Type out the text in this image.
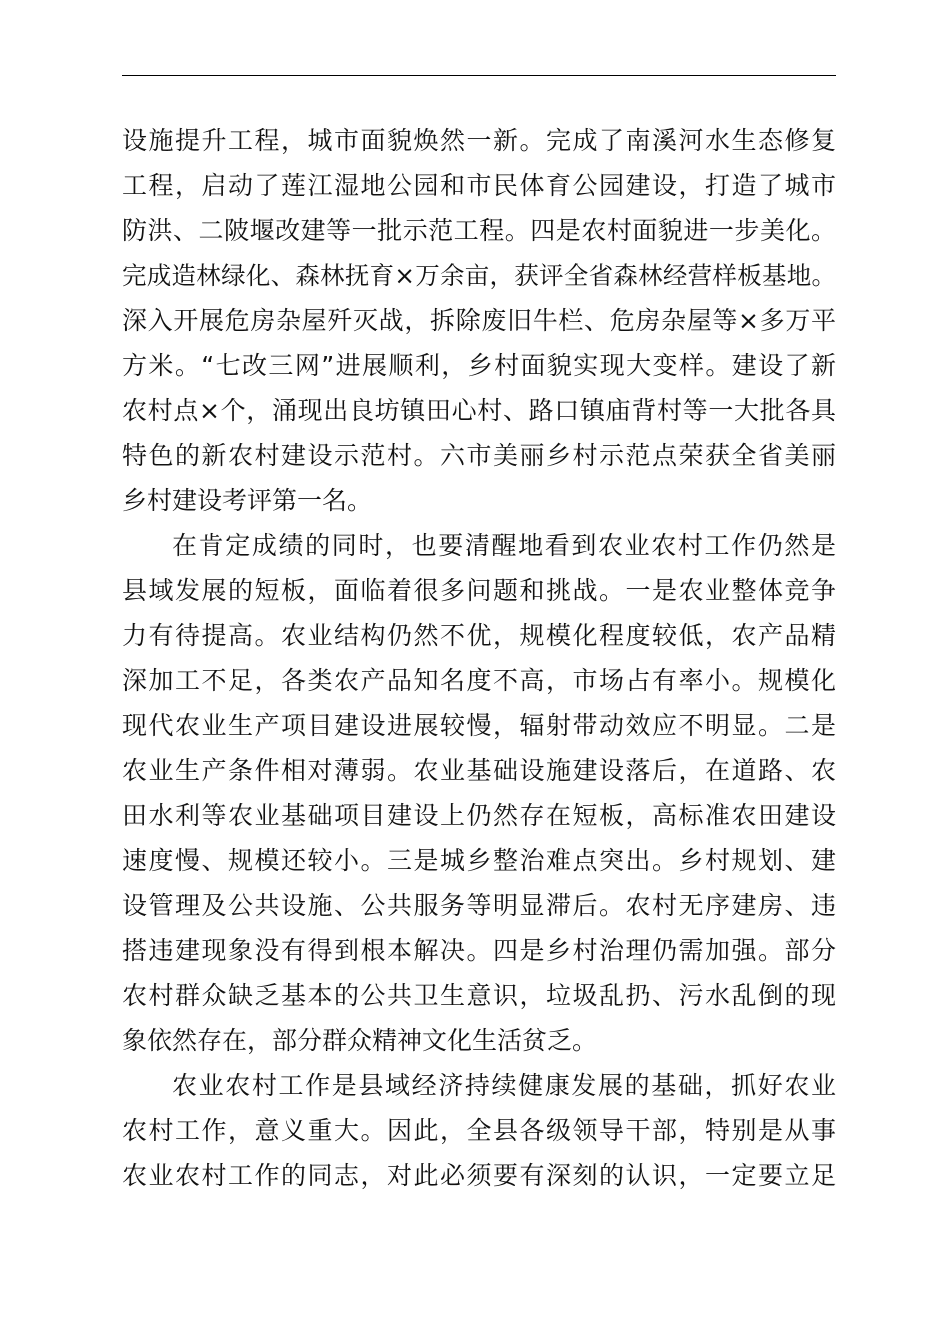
设施提升工程，城市面貌焕然一新。完成了南溪河水生态修复
工程，启动了莲江湿地公园和市民体育公园建设，打造了城市
防洪、二陂堰改建等一批示范工程。四是农村面貌进一步美化。
完成造林绿化、森林抚育×万余亩，获评全省森林经营样板基地。
深入开展危房杂屋歼灭战，拆除废旧牛栏、危房杂屋等×多万平
方米。“七改三网”进展顺利，乡村面貌实现大变样。建设了新
农村点×个，涌现出良坊镇田心村、路口镇庙背村等一大批各具
特色的新农村建设示范村。六市美丽乡村示范点荣获全省美丽
乡村建设考评第一名。
在肯定成绩的同时，也要清醒地看到农业农村工作仍然是
县域发展的短板，面临着很多问题和挑战。一是农业整体竞争
力有待提高。农业结构仍然不优，规模化程度较低，农产品精
深加工不足，各类农产品知名度不高，市场占有率小。规模化
现代农业生产项目建设进展较慢，辐射带动效应不明显。二是
农业生产条件相对薄弱。农业基础设施建设落后，在道路、农
田水利等农业基础项目建设上仍然存在短板，高标准农田建设
速度慢、规模还较小。三是城乡整治难点突出。乡村规划、建
设管理及公共设施、公共服务等明显滞后。农村无序建房、违
搭违建现象没有得到根本解决。四是乡村治理仍需加强。部分
农村群众缺乏基本的公共卫生意识，垃圾乱扔、污水乱倒的现
象依然存在，部分群众精神文化生活贫乏。
农业农村工作是县域经济持续健康发展的基础，抓好农业
农村工作，意义重大。因此，全县各级领导干部，特别是从事
农业农村工作的同志，对此必须要有深刻的认识，一定要立足
